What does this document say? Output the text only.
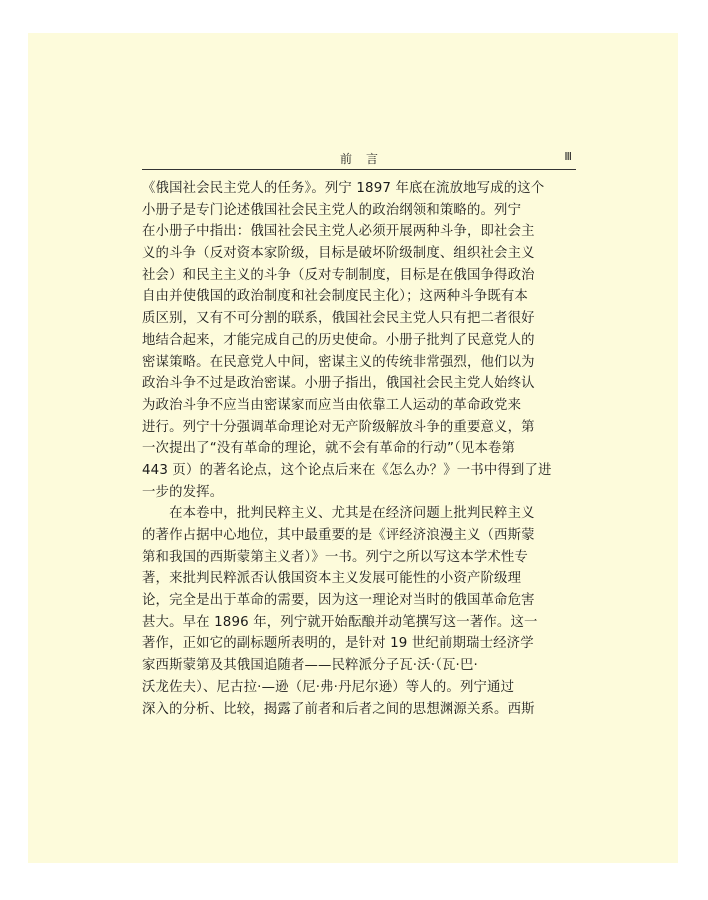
前言	Ⅲ
《俄国社会民主党人的任务》。列宁 1897 年底在流放地写成的这个
小册子是专门论述俄国社会民主党人的政治纲领和策略的。列宁
在小册子中指出：俄国社会民主党人必须开展两种斗争，即社会主
义的斗争（反对资本家阶级，目标是破坏阶级制度、组织社会主义
社会）和民主主义的斗争（反对专制制度，目标是在俄国争得政治
自由并使俄国的政治制度和社会制度民主化）；这两种斗争既有本
质区别，又有不可分割的联系，俄国社会民主党人只有把二者很好
地结合起来，才能完成自己的历史使命。小册子批判了民意党人的
密谋策略。在民意党人中间，密谋主义的传统非常强烈，他们以为
政治斗争不过是政治密谋。小册子指出，俄国社会民主党人始终认
为政治斗争不应当由密谋家而应当由依靠工人运动的革命政党来
进行。列宁十分强调革命理论对无产阶级解放斗争的重要意义，第
一次提出了“没有革命的理论，就不会有革命的行动”（见本卷第
443 页）的著名论点，这个论点后来在《怎么办？》一书中得到了进
一步的发挥。
　　在本卷中，批判民粹主义、尤其是在经济问题上批判民粹主义
的著作占据中心地位，其中最重要的是《评经济浪漫主义（西斯蒙
第和我国的西斯蒙第主义者）》一书。列宁之所以写这本学术性专
著，来批判民粹派否认俄国资本主义发展可能性的小资产阶级理
论，完全是出于革命的需要，因为这一理论对当时的俄国革命危害
甚大。早在 1896 年，列宁就开始酝酿并动笔撰写这一著作。这一
著作，正如它的副标题所表明的，是针对 19 世纪前期瑞士经济学
家西斯蒙第及其俄国追随者——民粹派分子瓦·沃·（瓦·巴·
沃龙佐夫）、尼古拉·—逊（尼·弗·丹尼尔逊）等人的。列宁通过
深入的分析、比较，揭露了前者和后者之间的思想渊源关系。西斯
